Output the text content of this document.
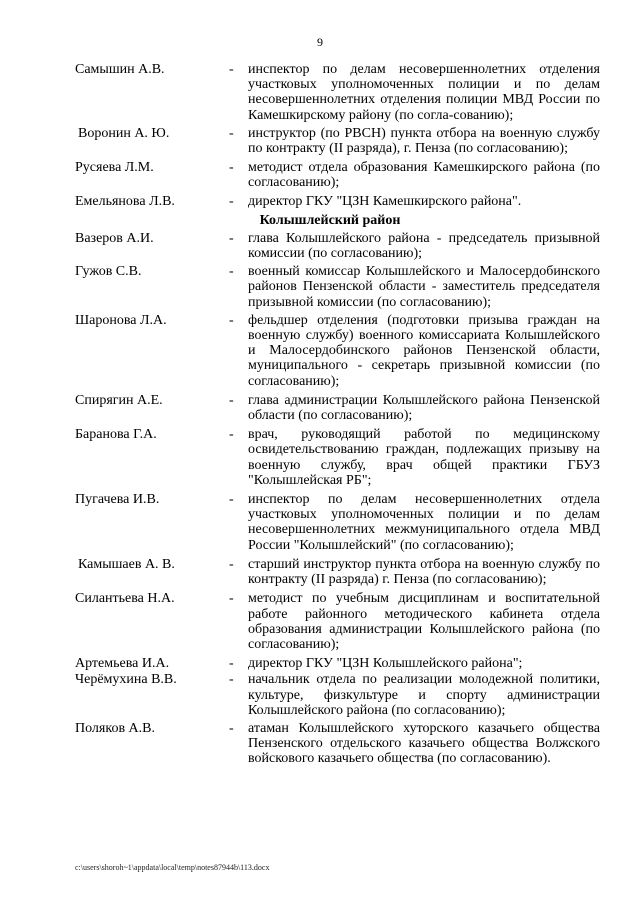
9
Самышин А.В.	- инспектор по делам несовершеннолетних отделения участковых уполномоченных полиции и по делам несовершеннолетних отделения полиции МВД России по Камешкирскому району (по согла-сованию);
Воронин А. Ю.	- инструктор (по РВСН) пункта отбора на военную службу по контракту (II разряда), г. Пенза (по согласованию);
Русяева Л.М.	- методист отдела образования Камешкирского района (по согласованию);
Емельянова Л.В.	- директор ГКУ "ЦЗН Камешкирского района".
Колышлейский район
Вазеров А.И.	- глава Колышлейского района - председатель призывной комиссии (по согласованию);
Гужов С.В.	- военный комиссар Колышлейского и Малосердобинского районов Пензенской области - заместитель председателя призывной комиссии (по согласованию);
Шаронова Л.А.	- фельдшер отделения (подготовки призыва граждан на военную службу) военного комиссариата Колышлейского и Малосердобинского районов Пензенской области, муниципального - секретарь призывной комиссии (по согласованию);
Спирягин А.Е.	- глава администрации Колышлейского района Пензенской области (по согласованию);
Баранова Г.А.	- врач, руководящий работой по медицинскому освидетельствованию граждан, подлежащих призыву на военную службу, врач общей практики ГБУЗ "Колышлейская РБ";
Пугачева И.В.	- инспектор по делам несовершеннолетних отдела участковых уполномоченных полиции и по делам несовершеннолетних межмуниципального отдела МВД России "Колышлейский" (по согласованию);
Камышаев А. В.	- старший инструктор пункта отбора на военную службу по контракту (II разряда) г. Пенза (по согласованию);
Силантьева Н.А.	- методист по учебным дисциплинам и воспитательной работе районного методического кабинета отдела образования администрации Колышлейского района (по согласованию);
Артемьева И.А.	- директор ГКУ "ЦЗН Колышлейского района";
Черёмухина В.В.	- начальник отдела по реализации молодежной политики, культуре, физкультуре и спорту администрации Колышлейского района (по согласованию);
Поляков А.В.	- атаман Колышлейского хуторского казачьего общества Пензенского отдельского казачьего общества Волжского войскового казачьего общества (по согласованию).
c:\users\shoroh~1\appdata\local\temp\notes87944b\113.docx
